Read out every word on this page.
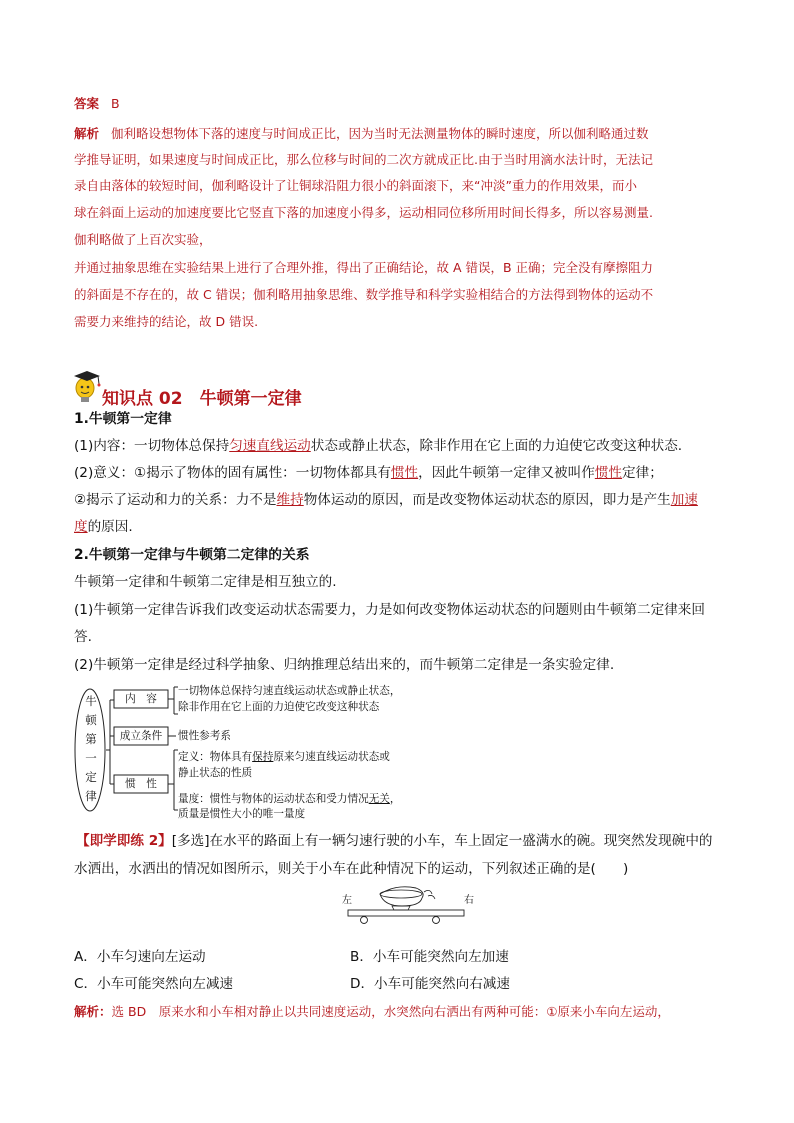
答案 B
解析 伽利略设想物体下落的速度与时间成正比，因为当时无法测量物体的瞬时速度，所以伽利略通过数
学推导证明，如果速度与时间成正比，那么位移与时间的二次方就成正比.由于当时用滴水法计时，无法记
录自由落体的较短时间，伽利略设计了让铜球沿阻力很小的斜面滚下，来“冲淡”重力的作用效果，而小
球在斜面上运动的加速度要比它竖直下落的加速度小得多，运动相同位移所用时间长得多，所以容易测量.
伽利略做了上百次实验，
并通过抽象思维在实验结果上进行了合理外推，得出了正确结论，故 A 错误，B 正确；完全没有摩擦阻力
的斜面是不存在的，故 C 错误；伽利略用抽象思维、数学推导和科学实验相结合的方法得到物体的运动不
需要力来维持的结论，故 D 错误.
知识点 02　牛顿第一定律
1.牛顿第一定律
(1)内容：一切物体总保持匀速直线运动状态或静止状态，除非作用在它上面的力迫使它改变这种状态.
(2)意义：①揭示了物体的固有属性：一切物体都具有惯性，因此牛顿第一定律又被叫作惯性定律；
②揭示了运动和力的关系：力不是维持物体运动的原因，而是改变物体运动状态的原因，即力是产生加速
度的原因.
2.牛顿第一定律与牛顿第二定律的关系
牛顿第一定律和牛顿第二定律是相互独立的.
(1)牛顿第一定律告诉我们改变运动状态需要力，力是如何改变物体运动状态的问题则由牛顿第二定律来回
答.
(2)牛顿第一定律是经过科学抽象、归纳推理总结出来的，而牛顿第二定律是一条实验定律.
牛
顿
第
一
定
律
内　容
成立条件
惯　性
一切物体总保持匀速直线运动状态或静止状态，
除非作用在它上面的力迫使它改变这种状态
惯性参考系
定义：物体具有保持原来匀速直线运动状态或
静止状态的性质
量度：惯性与物体的运动状态和受力情况无关，
质量是惯性大小的唯一量度
【即学即练 2】[多选]在水平的路面上有一辆匀速行驶的小车，车上固定一盛满水的碗。现突然发现碗中的
水洒出，水洒出的情况如图所示，则关于小车在此种情况下的运动，下列叙述正确的是(　　)
左	右
A．小车匀速向左运动	B．小车可能突然向左加速
C．小车可能突然向左减速	D．小车可能突然向右减速
解析：选 BD　原来水和小车相对静止以共同速度运动，水突然向右洒出有两种可能：①原来小车向左运动，
